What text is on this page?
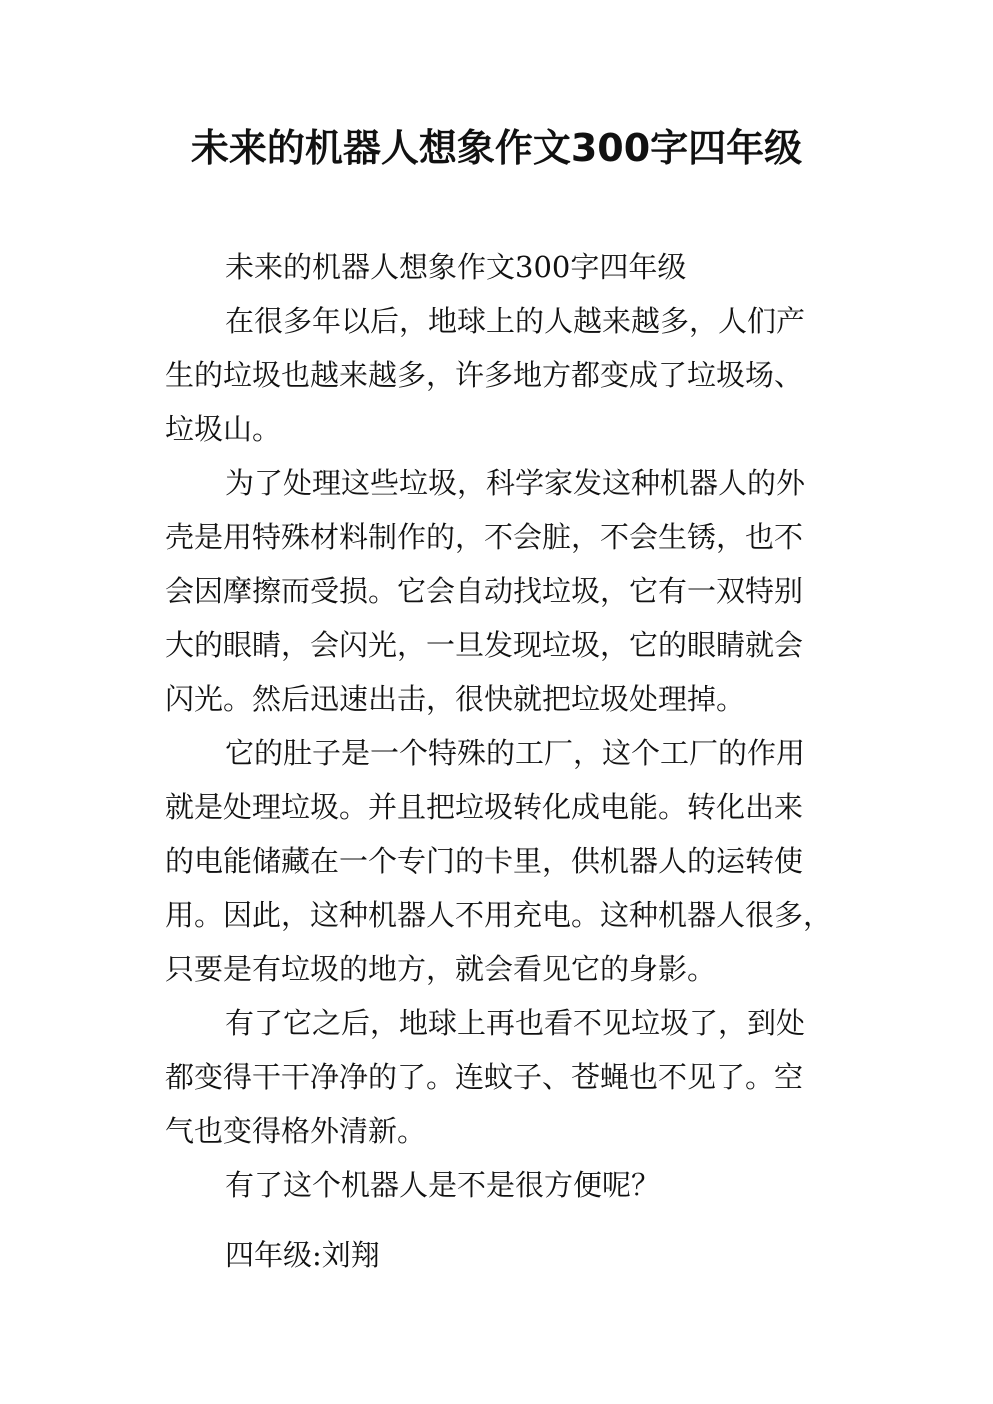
未来的机器人想象作文300字四年级
未来的机器人想象作文300字四年级
在很多年以后，地球上的人越来越多，人们产
生的垃圾也越来越多，许多地方都变成了垃圾场、
垃圾山。
为了处理这些垃圾，科学家发这种机器人的外
壳是用特殊材料制作的，不会脏，不会生锈，也不
会因摩擦而受损。它会自动找垃圾，它有一双特别
大的眼睛，会闪光，一旦发现垃圾，它的眼睛就会
闪光。然后迅速出击，很快就把垃圾处理掉。
它的肚子是一个特殊的工厂，这个工厂的作用
就是处理垃圾。并且把垃圾转化成电能。转化出来
的电能储藏在一个专门的卡里，供机器人的运转使
用。因此，这种机器人不用充电。这种机器人很多，
只要是有垃圾的地方，就会看见它的身影。
有了它之后，地球上再也看不见垃圾了，到处
都变得干干净净的了。连蚊子、苍蝇也不见了。空
气也变得格外清新。
有了这个机器人是不是很方便呢？
四年级:刘翔
